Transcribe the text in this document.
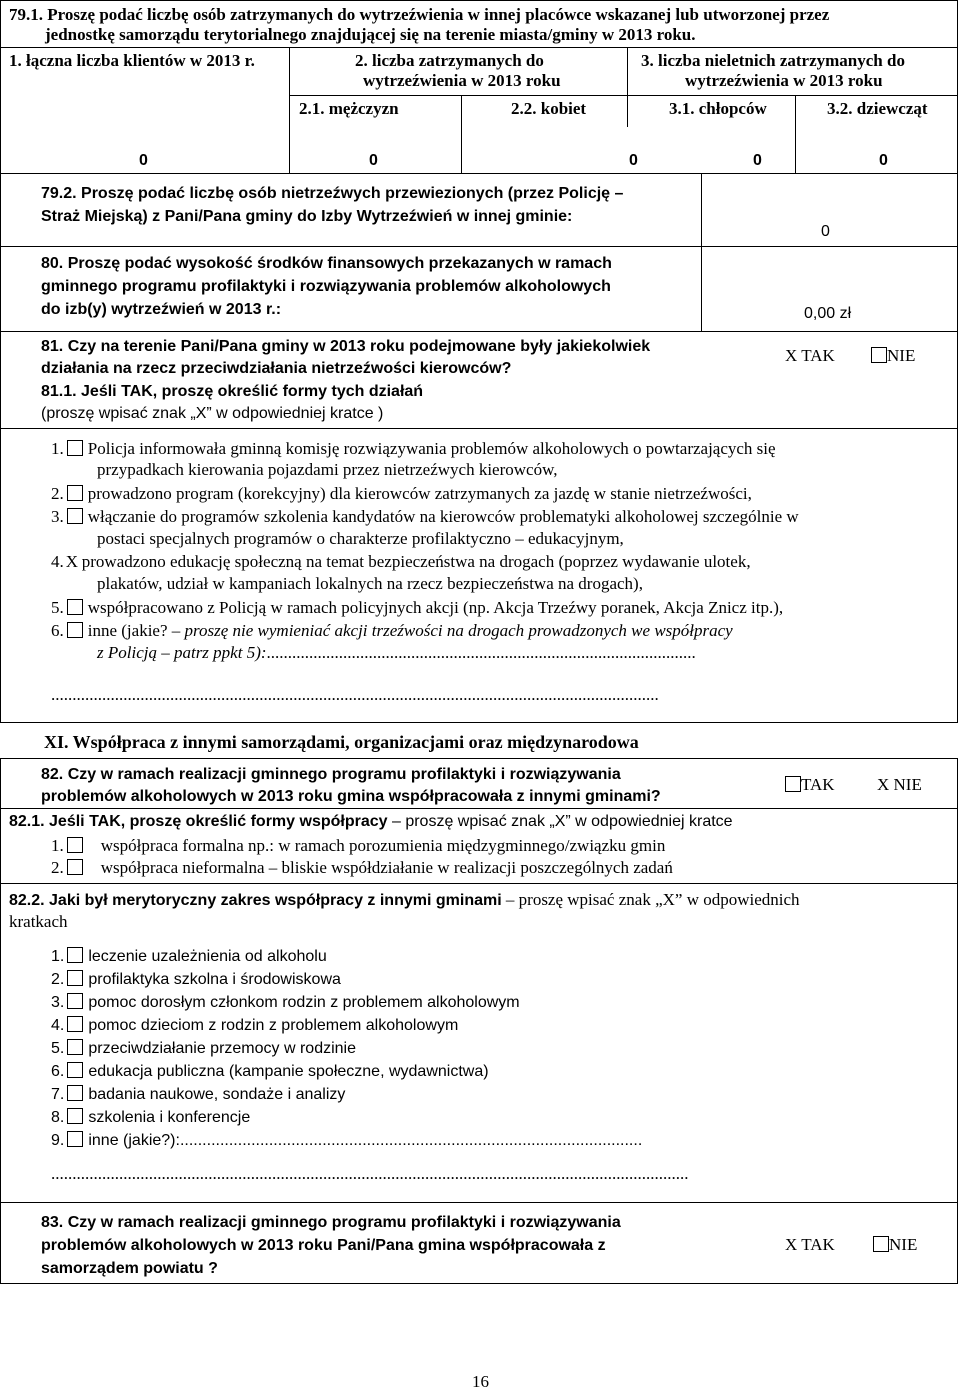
79.1. Proszę podać liczbę osób zatrzymanych do wytrzeźwienia w innej placówce wskazanej lub utworzonej przez
jednostkę samorządu terytorialnego znajdującej się na terenie miasta/gminy w 2013 roku.
1. łączna liczba klientów w 2013 r.	2. liczba zatrzymanych do
wytrzeźwienia w 2013 roku
3. liczba nieletnich zatrzymanych do
wytrzeźwienia w 2013 roku
2.1. mężczyzn	2.2. kobiet	3.1. chłopców	3.2. dziewcząt
0	0	0	0	0
79.2. Proszę podać liczbę osób nietrzeźwych przewiezionych (przez Policję –
Straż Miejską) z Pani/Pana gminy do Izby Wytrzeźwień w innej gminie:
0
80. Proszę podać wysokość środków finansowych przekazanych w ramach
gminnego programu profilaktyki i rozwiązywania problemów alkoholowych
do izb(y) wytrzeźwień w 2013 r.:	0,00 zł
81. Czy na terenie Pani/Pana gminy w 2013 roku podejmowane były jakiekolwiek
działania na rzecz przeciwdziałania nietrzeźwości kierowców?
X TAK	NIE
81.1. Jeśli TAK, proszę określić formy tych działań
(proszę wpisać znak „X” w odpowiedniej kratce )
1. Policja informowała gminną komisję rozwiązywania problemów alkoholowych o powtarzających się
przypadkach kierowania pojazdami przez nietrzeźwych kierowców,
2. prowadzono program (korekcyjny) dla kierowców zatrzymanych za jazdę w stanie nietrzeźwości,
3. włączanie do programów szkolenia kandydatów na kierowców problematyki alkoholowej szczególnie w
postaci specjalnych programów o charakterze profilaktyczno – edukacyjnym,
4. X prowadzono edukację społeczną na temat bezpieczeństwa na drogach (poprzez wydawanie ulotek,
plakatów, udział w kampaniach lokalnych na rzecz bezpieczeństwa na drogach),
5. współpracowano z Policją w ramach policyjnych akcji (np. Akcja Trzeźwy poranek, Akcja Znicz itp.),
6. inne (jakie? – proszę nie wymieniać akcji trzeźwości na drogach prowadzonych we współpracy
z Policją – patrz ppkt 5):.....................................................................................................
...............................................................................................................................................
XI. Współpraca z innymi samorządami, organizacjami oraz międzynarodowa
82. Czy w ramach realizacji gminnego programu profilaktyki i rozwiązywania
problemów alkoholowych w 2013 roku gmina współpracowała z innymi gminami?
TAK X NIE
82.1. Jeśli TAK, proszę określić formy współpracy – proszę wpisać znak „X” w odpowiedniej kratce
1. współpraca formalna np.: w ramach porozumienia międzygminnego/związku gmin
2. współpraca nieformalna – bliskie współdziałanie w realizacji poszczególnych zadań
82.2. Jaki był merytoryczny zakres współpracy z innymi gminami – proszę wpisać znak „X” w odpowiednich
kratkach
1. leczenie uzależnienia od alkoholu
2. profilaktyka szkolna i środowiskowa
3. pomoc dorosłym członkom rodzin z problemem alkoholowym
4. pomoc dzieciom z rodzin z problemem alkoholowym
5. przeciwdziałanie przemocy w rodzinie
6. edukacja publiczna (kampanie społeczne, wydawnictwa)
7. badania naukowe, sondaże i analizy
8. szkolenia i konferencje
9. inne (jakie?):........................................................................................................
......................................................................................................................................................
83. Czy w ramach realizacji gminnego programu profilaktyki i rozwiązywania
problemów alkoholowych w 2013 roku Pani/Pana gmina współpracowała z
samorządem powiatu ?
X TAK	NIE
16
